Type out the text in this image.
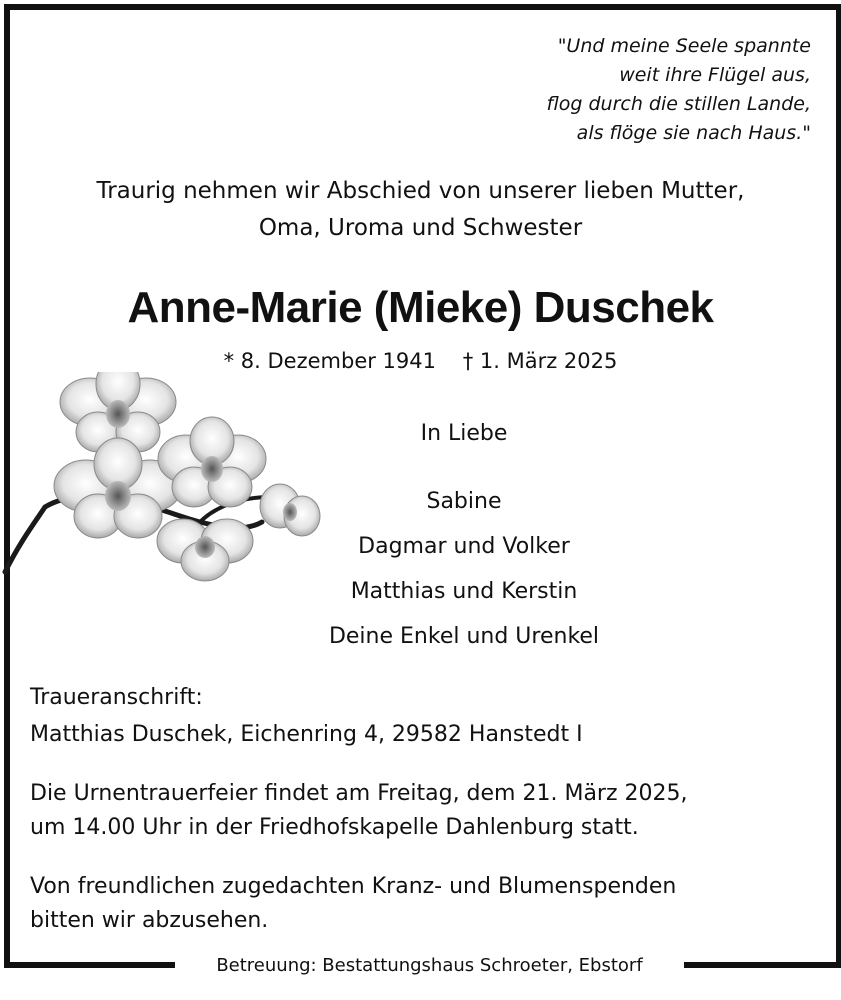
"Und meine Seele spannte
weit ihre Flügel aus,
flog durch die stillen Lande,
als flöge sie nach Haus."
Traurig nehmen wir Abschied von unserer lieben Mutter,
Oma, Uroma und Schwester
Anne-Marie (Mieke) Duschek
* 8. Dezember 1941 † 1. März 2025
In Liebe
Sabine
Dagmar und Volker
Matthias und Kerstin
Deine Enkel und Urenkel
Traueranschrift:
Matthias Duschek, Eichenring 4, 29582 Hanstedt I
Die Urnentrauerfeier findet am Freitag, dem 21. März 2025,
um 14.00 Uhr in der Friedhofskapelle Dahlenburg statt.
Von freundlichen zugedachten Kranz- und Blumenspenden
bitten wir abzusehen.
Betreuung: Bestattungshaus Schroeter, Ebstorf
